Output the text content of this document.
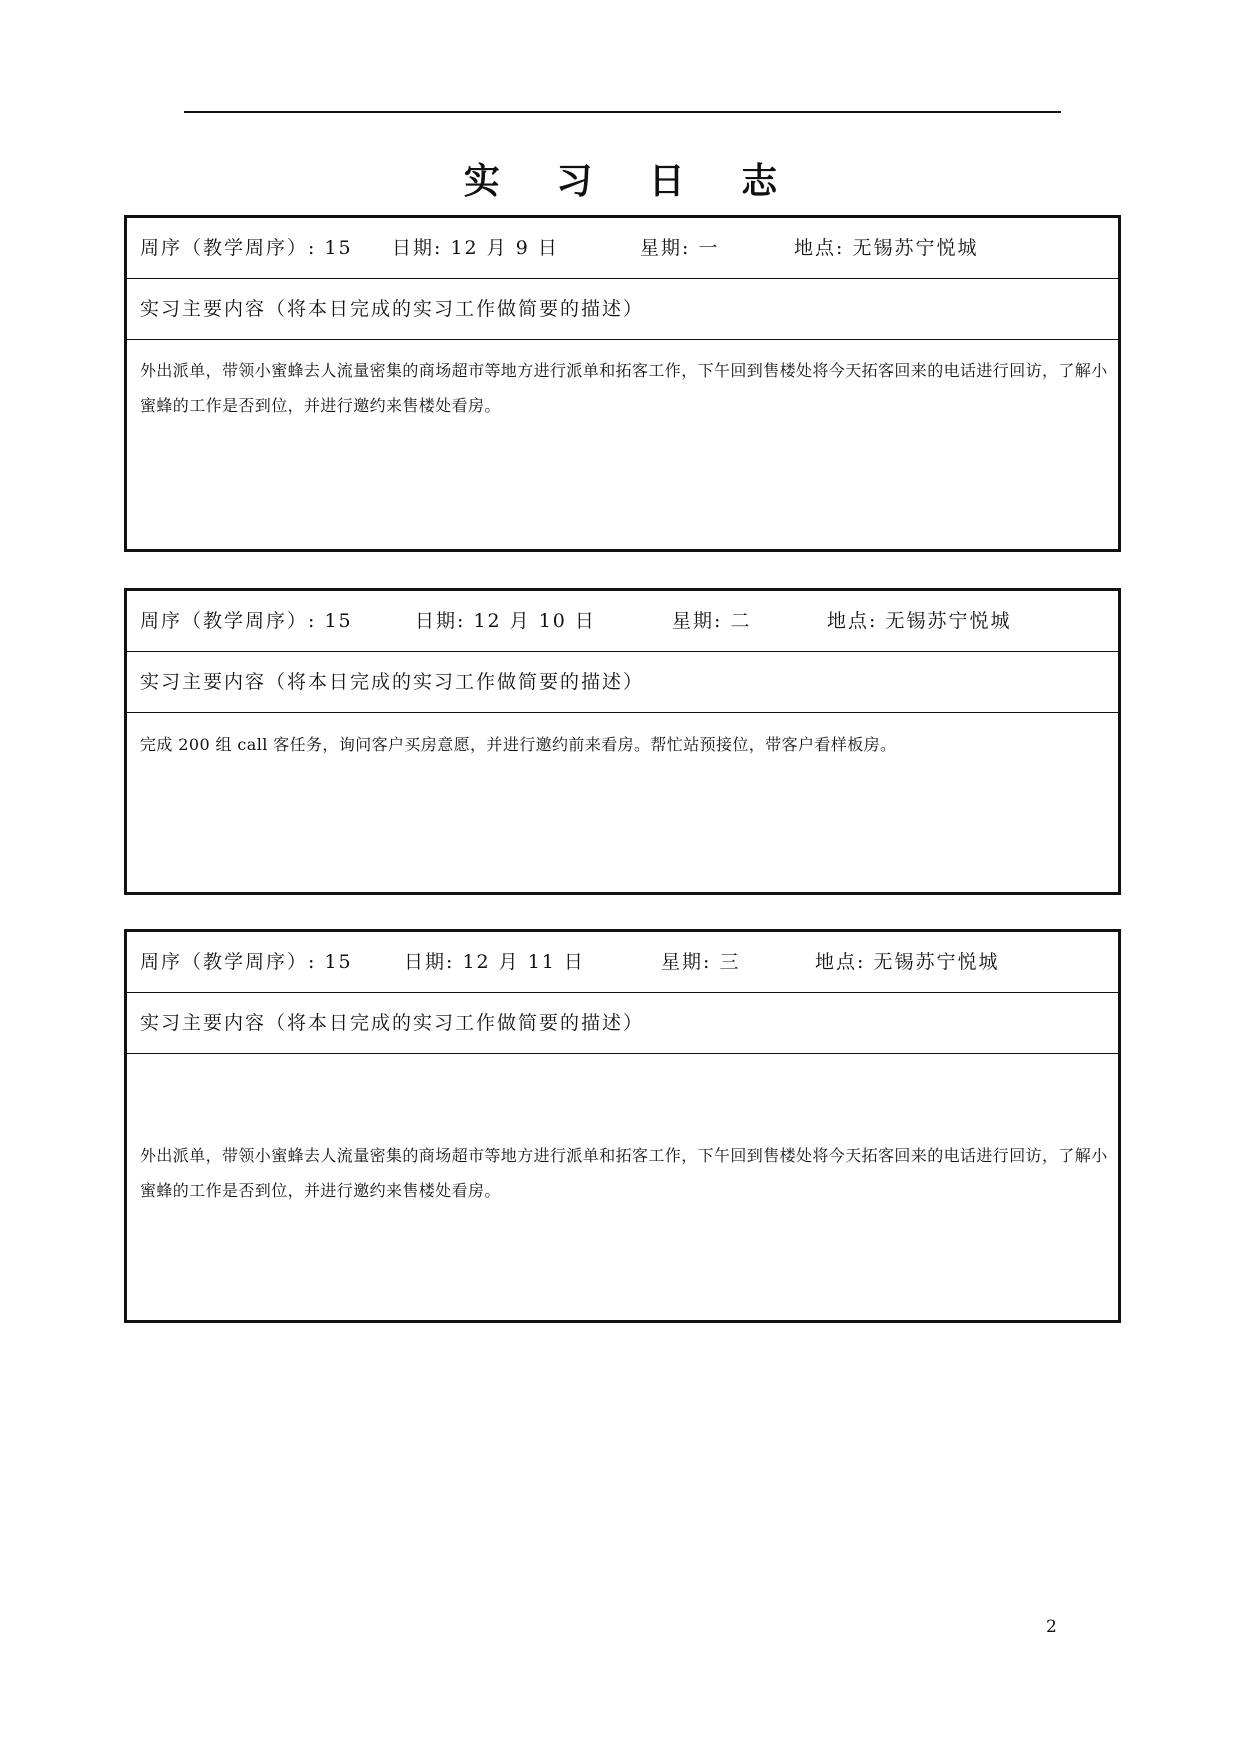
实 习 日 志
周序（教学周序）: 15 日期: 12 月 9 日	星期: 一	地点: 无锡苏宁悦城
实习主要内容（将本日完成的实习工作做简要的描述）
外出派单，带领小蜜蜂去人流量密集的商场超市等地方进行派单和拓客工作，下午回到售楼处将今天拓客回来的电话进行回访，了解小蜜蜂的工作是否到位，并进行邀约来售楼处看房。
周序（教学周序）: 15	日期: 12 月 10 日	星期: 二	地点: 无锡苏宁悦城
实习主要内容（将本日完成的实习工作做简要的描述）
完成 200 组 call 客任务，询问客户买房意愿，并进行邀约前来看房。帮忙站预接位，带客户看样板房。
周序（教学周序）: 15	日期: 12 月 11 日	星期: 三	地点: 无锡苏宁悦城
实习主要内容（将本日完成的实习工作做简要的描述）
外出派单，带领小蜜蜂去人流量密集的商场超市等地方进行派单和拓客工作，下午回到售楼处将今天拓客回来的电话进行回访，了解小蜜蜂的工作是否到位，并进行邀约来售楼处看房。
2
